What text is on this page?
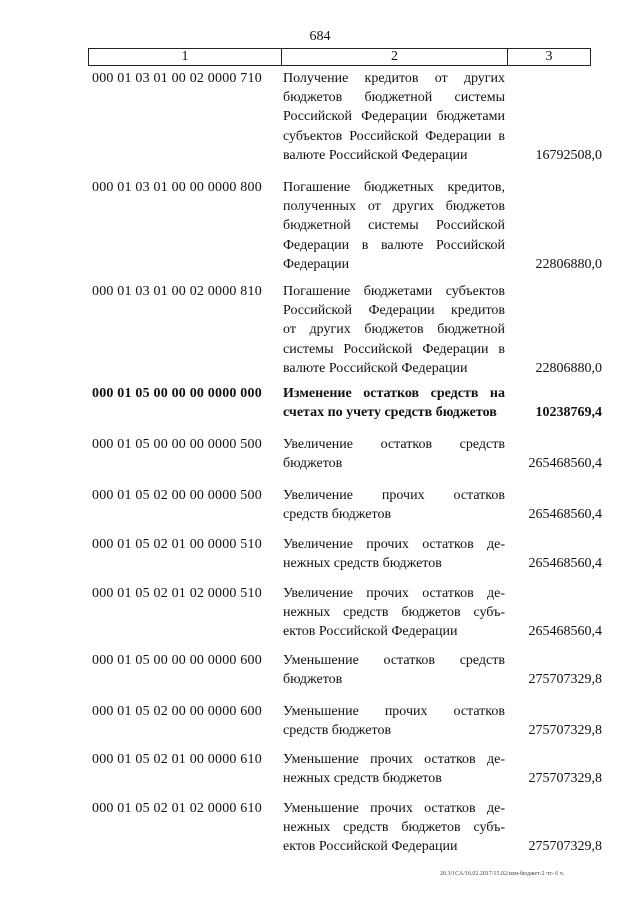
684
1	2	3
000 01 03 01 00 02 0000 710 Получение кредитов от других
бюджетов бюджетной системы
Российской Федерации бюджетами
субъектов Российской Федерации в
валюте Российской Федерации	16792508,0
000 01 03 01 00 00 0000 800 Погашение бюджетных кредитов,
полученных от других бюджетов
бюджетной системы Российской
Федерации в валюте Российской
Федерации	22806880,0
000 01 03 01 00 02 0000 810 Погашение бюджетами субъектов
Российской Федерации кредитов
от других бюджетов бюджетной
системы Российской Федерации в
валюте Российской Федерации	22806880,0
000 01 05 00 00 00 0000 000 Изменение остатков средств на
счетах по учету средств бюджетов	10238769,4
000 01 05 00 00 00 0000 500 Увеличение остатков средств
бюджетов	265468560,4
000 01 05 02 00 00 0000 500 Увеличение прочих остатков
средств бюджетов	265468560,4
000 01 05 02 01 00 0000 510 Увеличение прочих остатков де-
нежных средств бюджетов	265468560,4
000 01 05 02 01 02 0000 510 Увеличение прочих остатков де-
нежных средств бюджетов субъ-
ектов Российской Федерации	265468560,4
000 01 05 00 00 00 0000 600 Уменьшение остатков средств
бюджетов	275707329,8
000 01 05 02 00 00 0000 600 Уменьшение прочих остатков
средств бюджетов	275707329,8
000 01 05 02 01 00 0000 610 Уменьшение прочих остатков де-
нежных средств бюджетов	275707329,8
000 01 05 02 01 02 0000 610 Уменьшение прочих остатков де-
нежных средств бюджетов субъ-
ектов Российской Федерации	275707329,8
20.3/1СА/16.02.2017/15.02/изм-бюджет-2 чт- 6 ч.
